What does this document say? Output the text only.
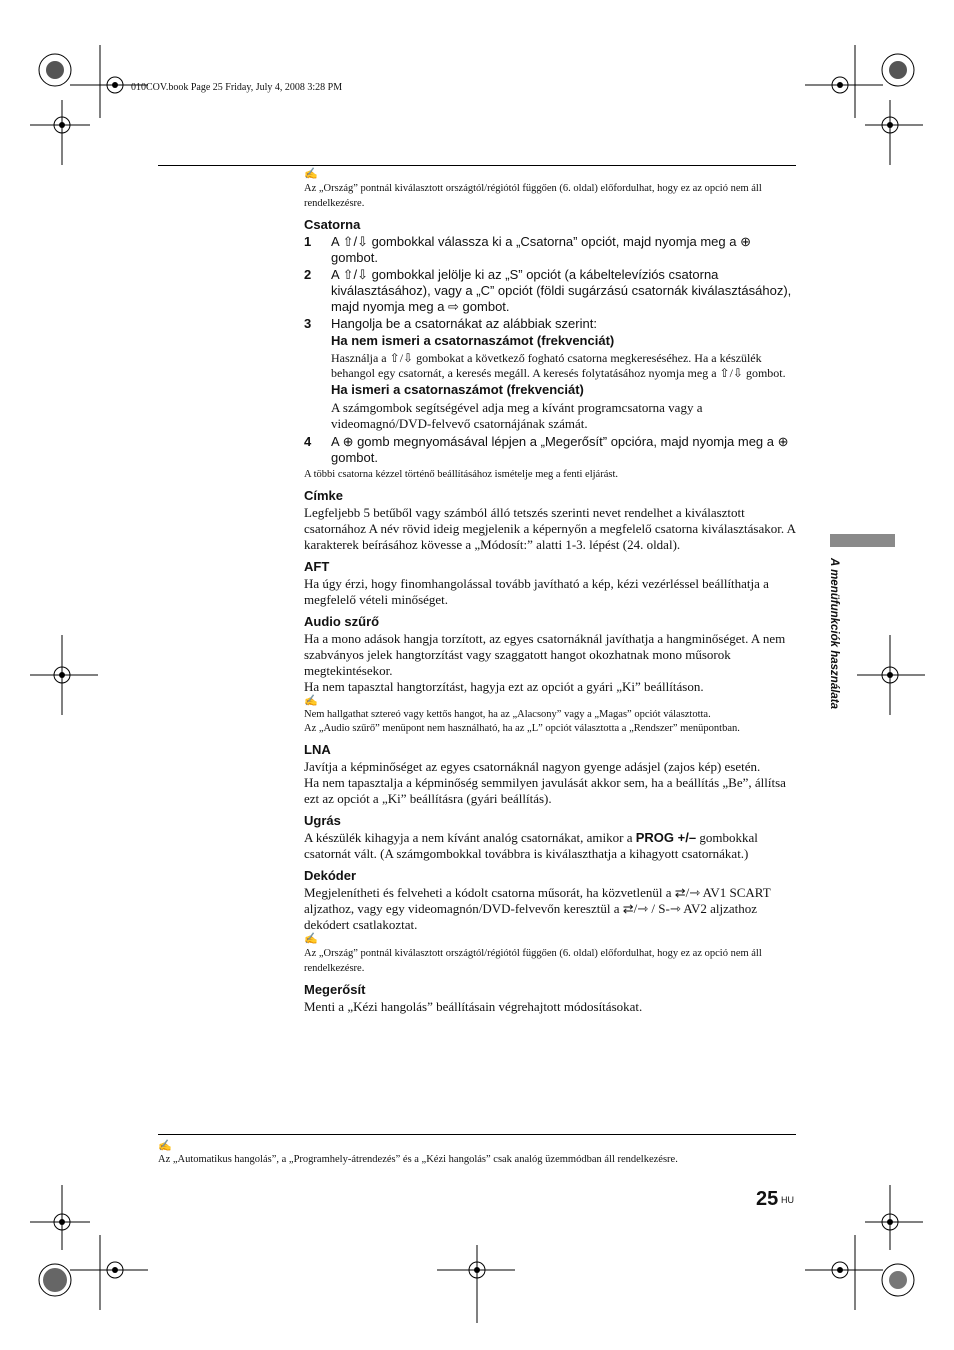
010COV.book Page 25 Friday, July 4, 2008 3:28 PM
✍

Az „Ország” pontnál kiválasztott országtól/régiótól függően (6. oldal) előfordulhat, hogy ez az opció nem áll rendelkezésre.

Csatorna
1	A ⇧/⇩ gombokkal válassza ki a „Csatorna” opciót, majd nyomja meg a ⊕ gombot.
2	A ⇧/⇩ gombokkal jelölje ki az „S” opciót (a kábeltelevíziós csatorna kiválasztásához), vagy a „C” opciót (földi sugárzású csatornák kiválasztásához), majd nyomja meg a ⇨ gombot.
3	Hangolja be a csatornákat az alábbiak szerint:
Ha nem ismeri a csatornaszámot (frekvenciát)

Használja a ⇧/⇩ gombokat a következő fogható csatorna megkereséséhez. Ha a készülék behangol egy csatornát, a keresés megáll. A keresés folytatásához nyomja meg a ⇧/⇩ gombot.

Ha ismeri a csatornaszámot (frekvenciát)

A számgombok segítségével adja meg a kívánt programcsatorna vagy a videomagnó/DVD-felvevő csatornájának számát.

4	A ⊕ gomb megnyomásával lépjen a „Megerősít” opcióra, majd nyomja meg a ⊕ gombot.

A többi csatorna kézzel történő beállításához ismételje meg a fenti eljárást.

Címke

Legfeljebb 5 betűből vagy számból álló tetszés szerinti nevet rendelhet a kiválasztott csatornához A név rövid ideig megjelenik a képernyőn a megfelelő csatorna kiválasztásakor. A karakterek beírásához kövesse a „Módosít:” alatti 1-3. lépést (24. oldal).

AFT

Ha úgy érzi, hogy finomhangolással tovább javítható a kép, kézi vezérléssel beállíthatja a megfelelő vételi minőséget.

Audio szűrő

Ha a mono adások hangja torzított, az egyes csatornáknál javíthatja a hangminőséget. A nem szabványos jelek hangtorzítást vagy szaggatott hangot okozhatnak mono műsorok megtekintésekor.

Ha nem tapasztal hangtorzítást, hagyja ezt az opciót a gyári „Ki” beállításon.

✍

Nem hallgathat sztereó vagy kettős hangot, ha az „Alacsony” vagy a „Magas” opciót választotta.

Az „Audio szűrő” menüpont nem használható, ha az „L” opciót választotta a „Rendszer” menüpontban.

LNA

Javítja a képminőséget az egyes csatornáknál nagyon gyenge adásjel (zajos kép) esetén.

Ha nem tapasztalja a képminőség semmilyen javulását akkor sem, ha a beállítás „Be”, állítsa ezt az opciót a „Ki” beállításra (gyári beállítás).

Ugrás

A készülék kihagyja a nem kívánt analóg csatornákat, amikor a PROG +/– gombokkal csatornát vált. (A számgombokkal továbbra is kiválaszthatja a kihagyott csatornákat.)

Dekóder

Megjelenítheti és felveheti a kódolt csatorna műsorát, ha közvetlenül a ⇄/⇾ AV1 SCART aljzathoz, vagy egy videomagnón/DVD-felvevőn keresztül a ⇄/⇾ / S-⇾ AV2 aljzathoz dekódert csatlakoztat.

✍

Az „Ország” pontnál kiválasztott országtól/régiótól függően (6. oldal) előfordulhat, hogy ez az opció nem áll rendelkezésre.

Megerősít

Menti a „Kézi hangolás” beállításain végrehajtott módosításokat.

✍

Az „Automatikus hangolás”, a „Programhely-átrendezés” és a „Kézi hangolás” csak analóg üzemmódban áll rendelkezésre.

25 HU
A menüfunkciók használata
